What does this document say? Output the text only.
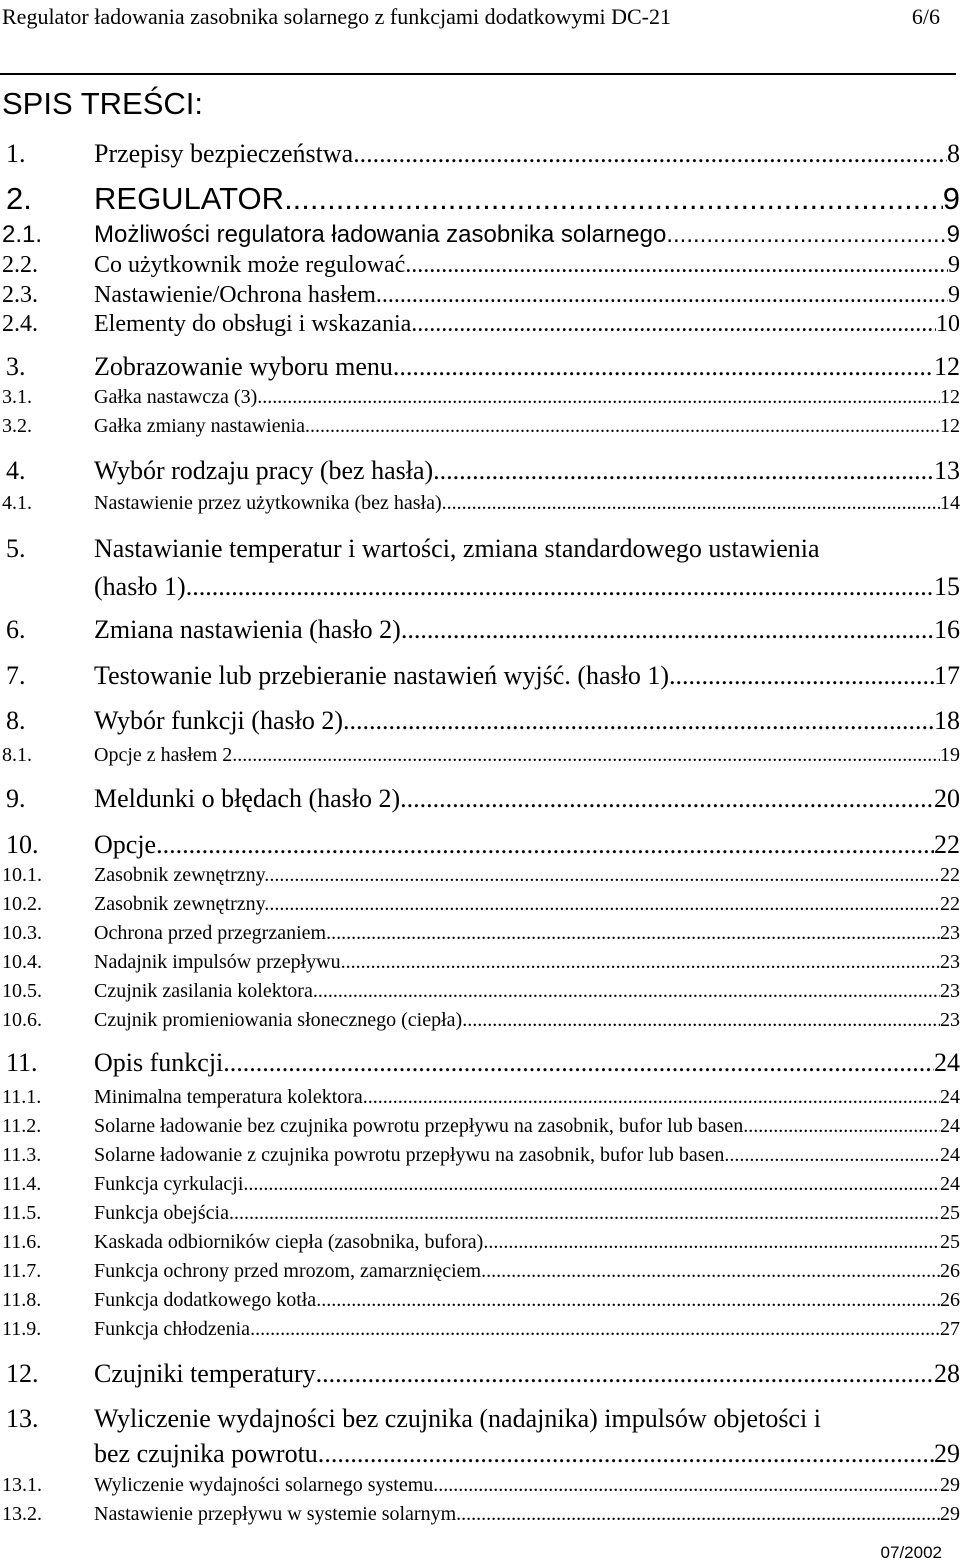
Regulator ładowania zasobnika solarnego z funkcjami dodatkowymi DC-21	6/6
SPIS TREŚCI:
1.	Przepisy bezpieczeństwa. .....	8
2. REGULATOR .....	9
2.1. Możliwości regulatora ładowania zasobnika solarnego .....	9
2.2. Co użytkownik może regulować .....	9
2.3. Nastawienie/Ochrona hasłem .....	9
2.4. Elementy do obsługi i wskazania .....	10
3.	Zobrazowanie wyboru menu .....	12
3.1.	Gałka nastawcza (3) .....	12
3.2.	Gałka zmiany nastawienia .....	12
4.	Wybór rodzaju pracy (bez hasła) .....	13
4.1.	Nastawienie przez użytkownika (bez hasła) .....	14
5.	Nastawianie temperatur i wartości, zmiana standardowego ustawienia
(hasło 1) .....	15
6.	Zmiana nastawienia (hasło 2) .....	16
7.	Testowanie lub przebieranie nastawień wyjść. (hasło 1) .....	17
8.	Wybór funkcji (hasło 2). .....	18
8.1.	Opcje z hasłem 2. .....	19
9.	Meldunki o błędach (hasło 2) .....	20
10. Opcje .....	22
10.1.	Zasobnik zewnętrzny. .....	22
10.2.	Zasobnik zewnętrzny. .....	22
10.3.	Ochrona przed przegrzaniem .....	23
10.4.	Nadajnik impulsów przepływu .....	23
10.5.	Czujnik zasilania kolektora .....	23
10.6.	Czujnik promieniowania słonecznego (ciepła) .....	23
11. Opis funkcji .....	24
11.1.	Minimalna temperatura kolektora .....	24
11.2.	Solarne ładowanie bez czujnika powrotu przepływu na zasobnik, bufor lub basen .....	24
11.3.	Solarne ładowanie z czujnika powrotu przepływu na zasobnik, bufor lub basen .....	24
11.4.	Funkcja cyrkulacji .....	24
11.5.	Funkcja obejścia .....	25
11.6.	Kaskada odbiorników ciepła (zasobnika, bufora) .....	25
11.7.	Funkcja ochrony przed mrozom, zamarznięciem .....	26
11.8.	Funkcja dodatkowego kotła .....	26
11.9.	Funkcja chłodzenia .....	27
12. Czujniki temperatury .....	28
13. Wyliczenie wydajności bez czujnika (nadajnika) impulsów objetości i
bez czujnika powrotu. .....	29
13.1.	Wyliczenie wydajności solarnego systemu. .....	29
13.2.	Nastawienie przepływu w systemie solarnym .....	29
07/2002
